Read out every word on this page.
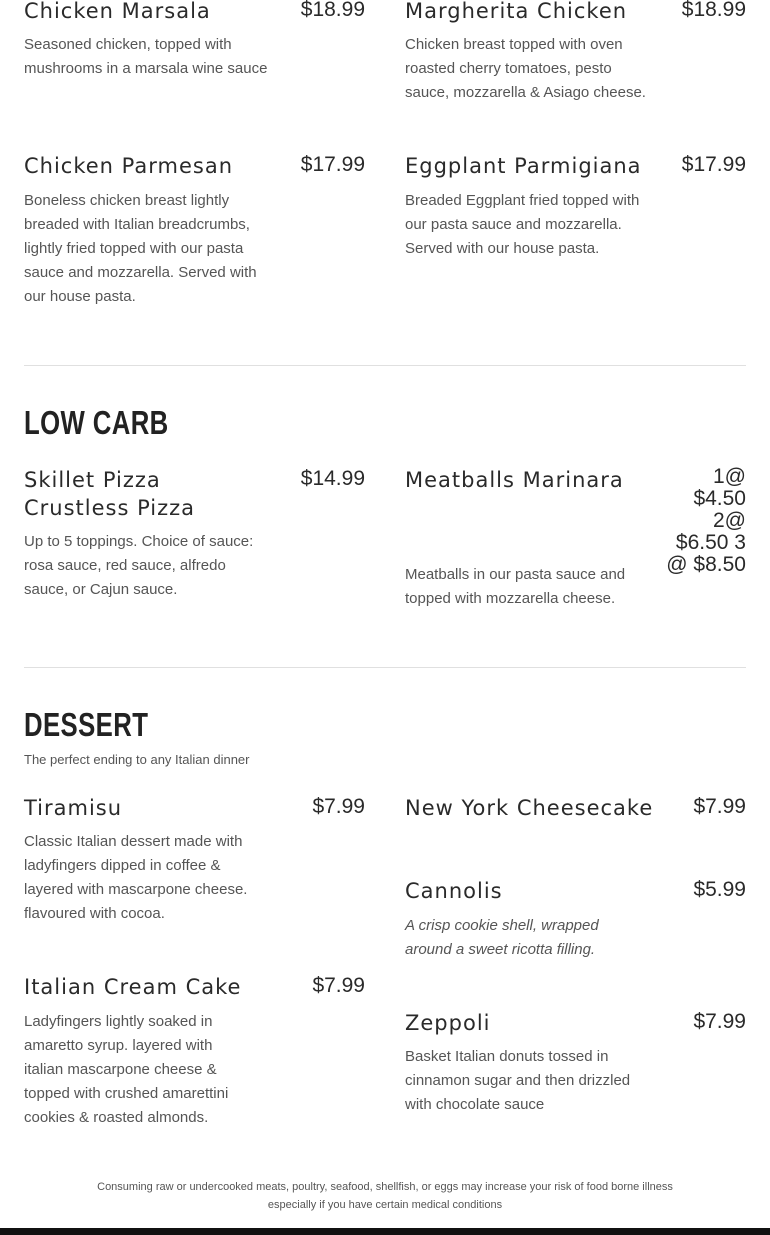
Chicken Marsala	$18.99
Seasoned chicken, topped with mushrooms in a marsala wine sauce
Margherita Chicken	$18.99
Chicken breast topped with oven roasted cherry tomatoes, pesto sauce, mozzarella & Asiago cheese.
Chicken Parmesan	$17.99
Boneless chicken breast lightly breaded with Italian breadcrumbs, lightly fried topped with our pasta sauce and mozzarella. Served with our house pasta.
Eggplant Parmigiana $17.99
Breaded Eggplant fried topped with our pasta sauce and mozzarella. Served with our house pasta.
LOW CARB
Skillet Pizza
Crustless Pizza
$14.99
Up to 5 toppings. Choice of sauce: rosa sauce, red sauce, alfredo sauce, or Cajun sauce.
Meatballs Marinara	1@ $4.50 2@ $6.50 3 @ $8.50
Meatballs in our pasta sauce and topped with mozzarella cheese.
DESSERT
The perfect ending to any Italian dinner
Tiramisu	$7.99
Classic Italian dessert made with ladyfingers dipped in coffee & layered with mascarpone cheese. flavoured with cocoa.
New York Cheesecake $7.99
Cannolis	$5.99
A crisp cookie shell, wrapped around a sweet ricotta filling.
Italian Cream Cake	$7.99
Ladyfingers lightly soaked in amaretto syrup. layered with italian mascarpone cheese & topped with crushed amarettini cookies & roasted almonds.
Zeppoli	$7.99
Basket Italian donuts tossed in cinnamon sugar and then drizzled with chocolate sauce
Consuming raw or undercooked meats, poultry, seafood, shellfish, or eggs may increase your risk of food borne illness
especially if you have certain medical conditions
